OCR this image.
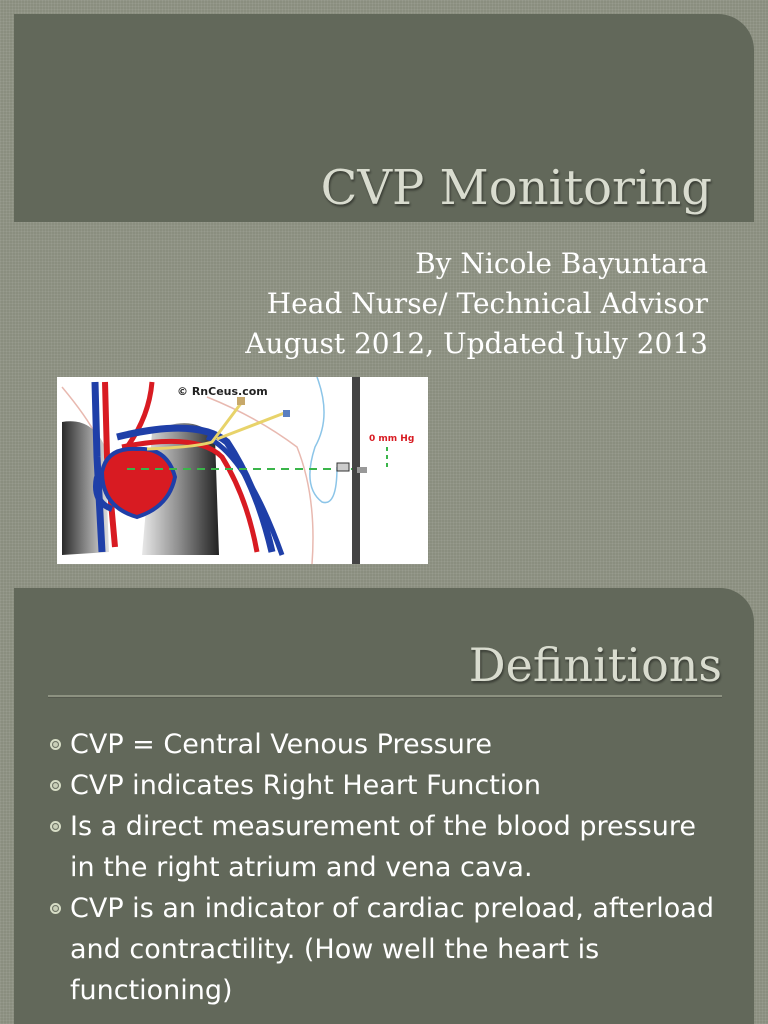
CVP Monitoring
By Nicole Bayuntara
Head Nurse/ Technical Advisor
August 2012, Updated July 2013
© RnCeus.com
0 mm Hg
Definitions
CVP = Central Venous Pressure
CVP indicates Right Heart Function
Is a direct measurement of the blood pressure in the right atrium and vena cava.
CVP is an indicator of cardiac preload, afterload and contractility. (How well the heart is functioning)
